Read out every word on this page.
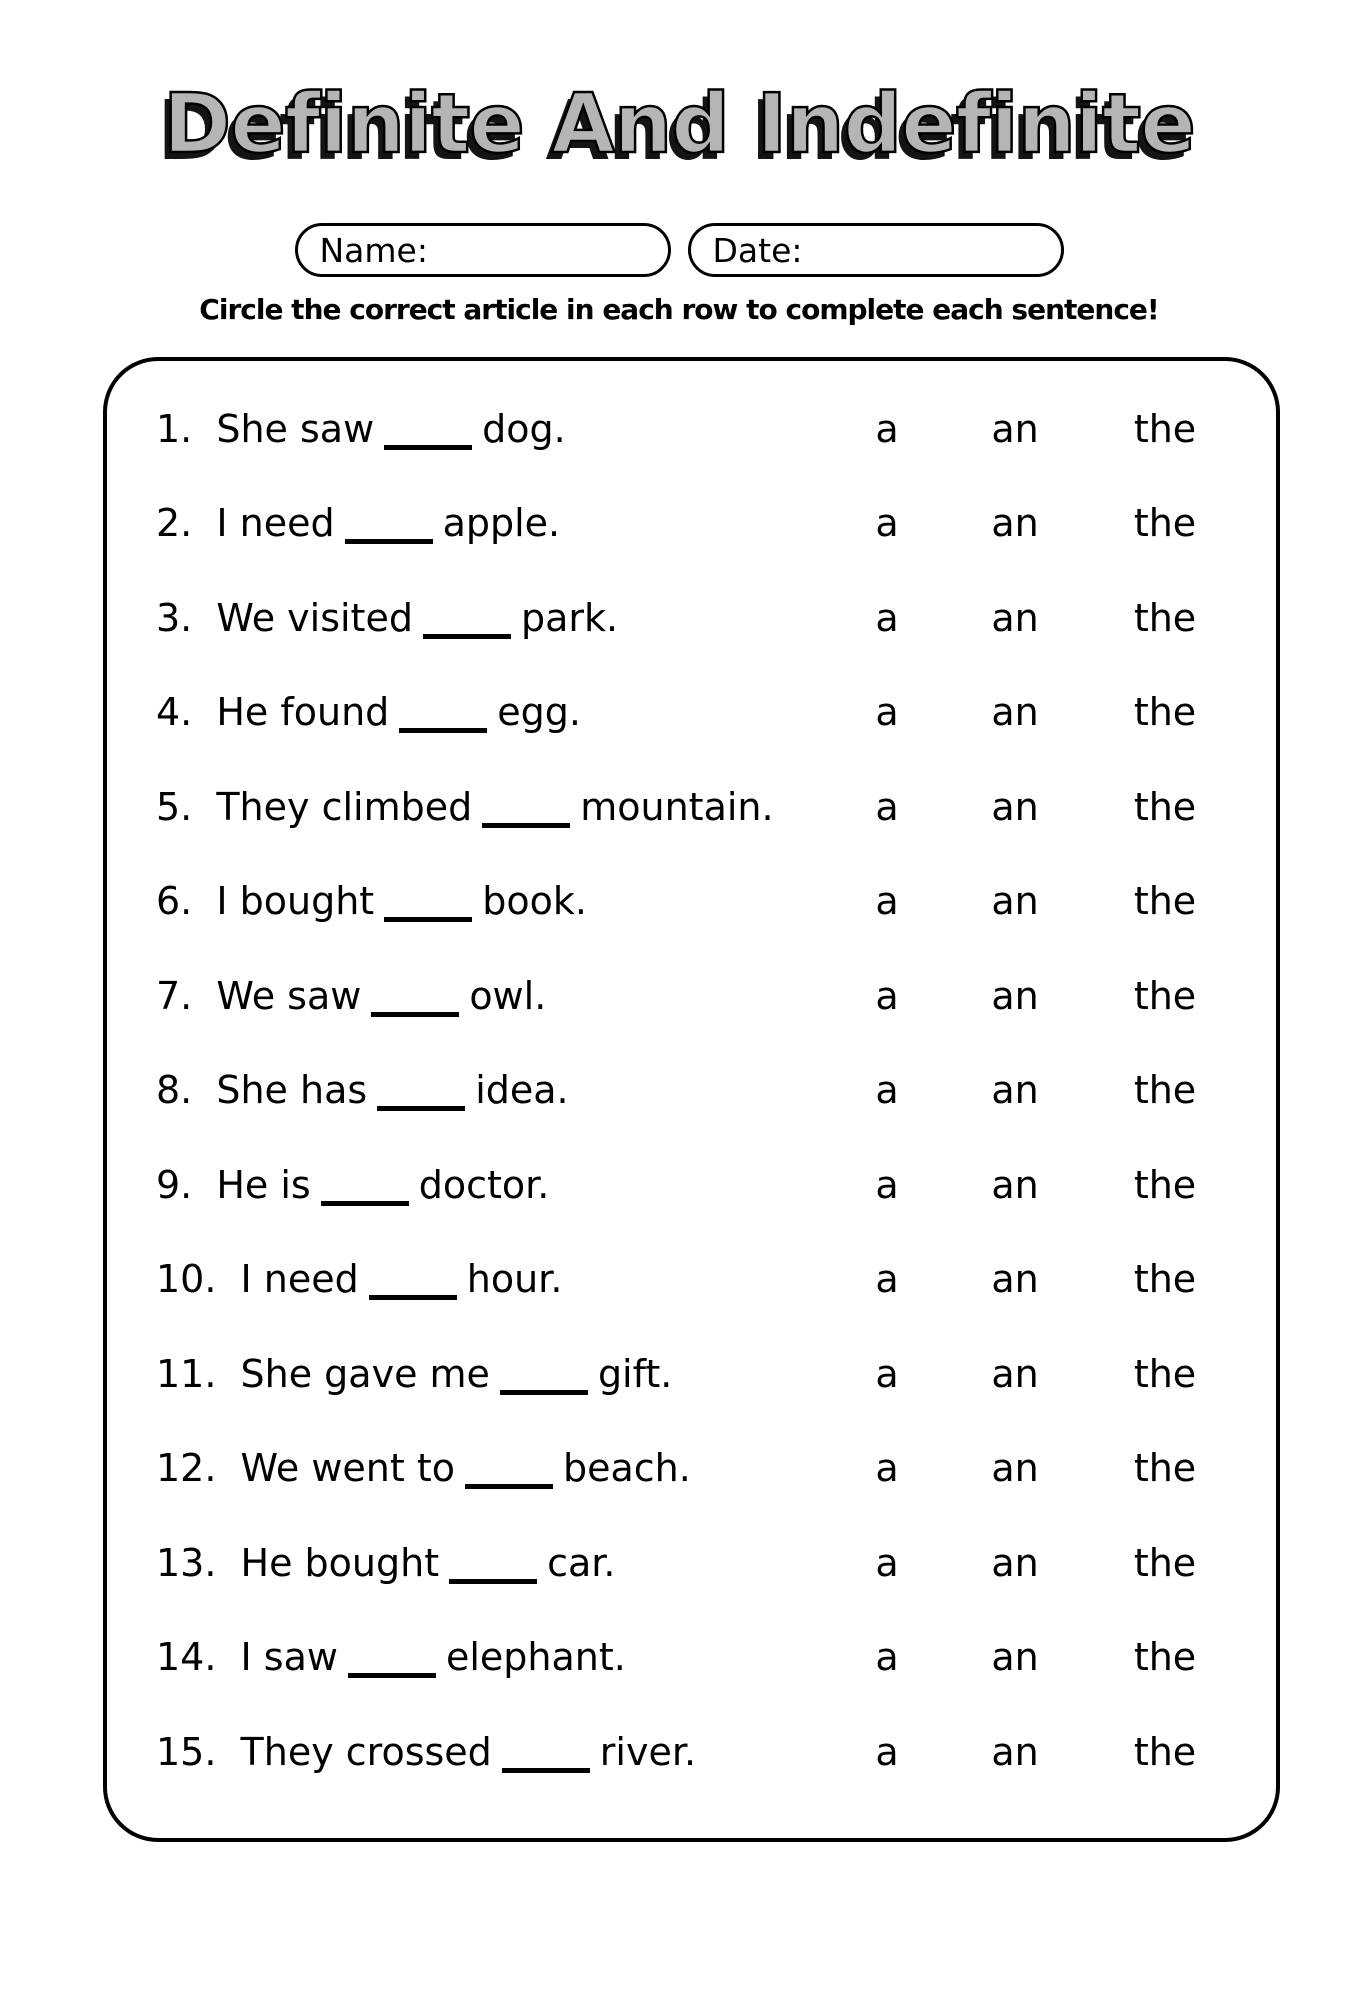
Definite And Indefinite
Name:	Date:

Circle the correct article in each row to complete each sentence!

1. She saw	dog.	a an	the
2. I need	apple.	a an	the
3. We visited	park.	a an	the
4. He found	egg.	a an	the
5. They climbed	mountain.	a an	the
6. I bought	book.	a an	the
7. We saw	owl.	a an	the
8. She has	idea.	a an	the
9. He is	doctor.	a an	the
10. I need	hour.	a an	the
11. She gave me	gift.	a an	the
12. We went to	beach.	a an	the
13. He bought	car.	a an	the
14. I saw	elephant.	a an	the
15. They crossed	river.	a an	the
